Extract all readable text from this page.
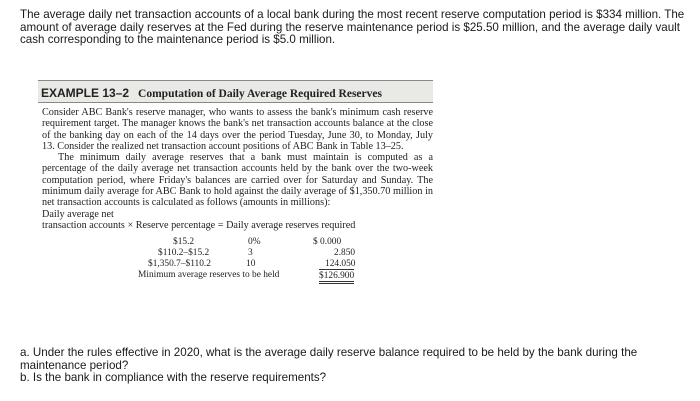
The average daily net transaction accounts of a local bank during the most recent reserve computation period is $334 million. The amount of average daily reserves at the Fed during the reserve maintenance period is $25.50 million, and the average daily vault cash corresponding to the maintenance period is $5.0 million.
EXAMPLE 13–2 Computation of Daily Average Required Reserves

Consider ABC Bank's reserve manager, who wants to assess the bank's minimum cash reserve requirement target. The manager knows the bank's net transaction accounts balance at the close of the banking day on each of the 14 days over the period Tuesday, June 30, to Monday, July 13. Consider the realized net transaction account positions of ABC Bank in Table 13–25.

The minimum daily average reserves that a bank must maintain is computed as a percentage of the daily average net transaction accounts held by the bank over the two-week computation period, where Friday's balances are carried over for Saturday and Sunday. The minimum daily average for ABC Bank to hold against the daily average of $1,350.70 million in net transaction accounts is calculated as follows (amounts in millions):

Daily average net
transaction accounts × Reserve percentage = Daily average reserves required
$15.2	0%	$ 0.000
$110.2–$15.2	3	2.850
$1,350.7–$110.2	10	124.050
Minimum average reserves to be held	$126.900

a. Under the rules effective in 2020, what is the average daily reserve balance required to be held by the bank during the maintenance period?

b. Is the bank in compliance with the reserve requirements?
